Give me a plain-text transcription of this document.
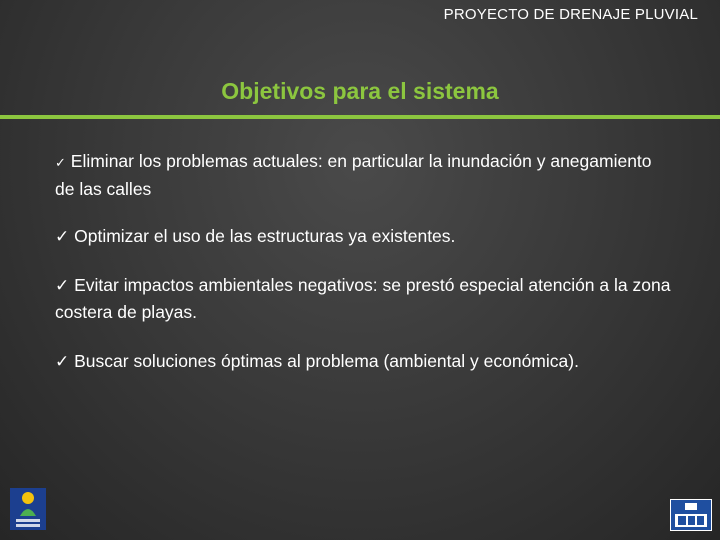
PROYECTO DE DRENAJE PLUVIAL
Objetivos para el sistema
✓ Eliminar los problemas actuales: en particular la inundación y anegamiento de las calles
✓ Optimizar el uso de las estructuras ya existentes.
✓ Evitar impactos ambientales negativos: se prestó especial atención a la zona costera de playas.
✓ Buscar soluciones óptimas al problema (ambiental y económica).
